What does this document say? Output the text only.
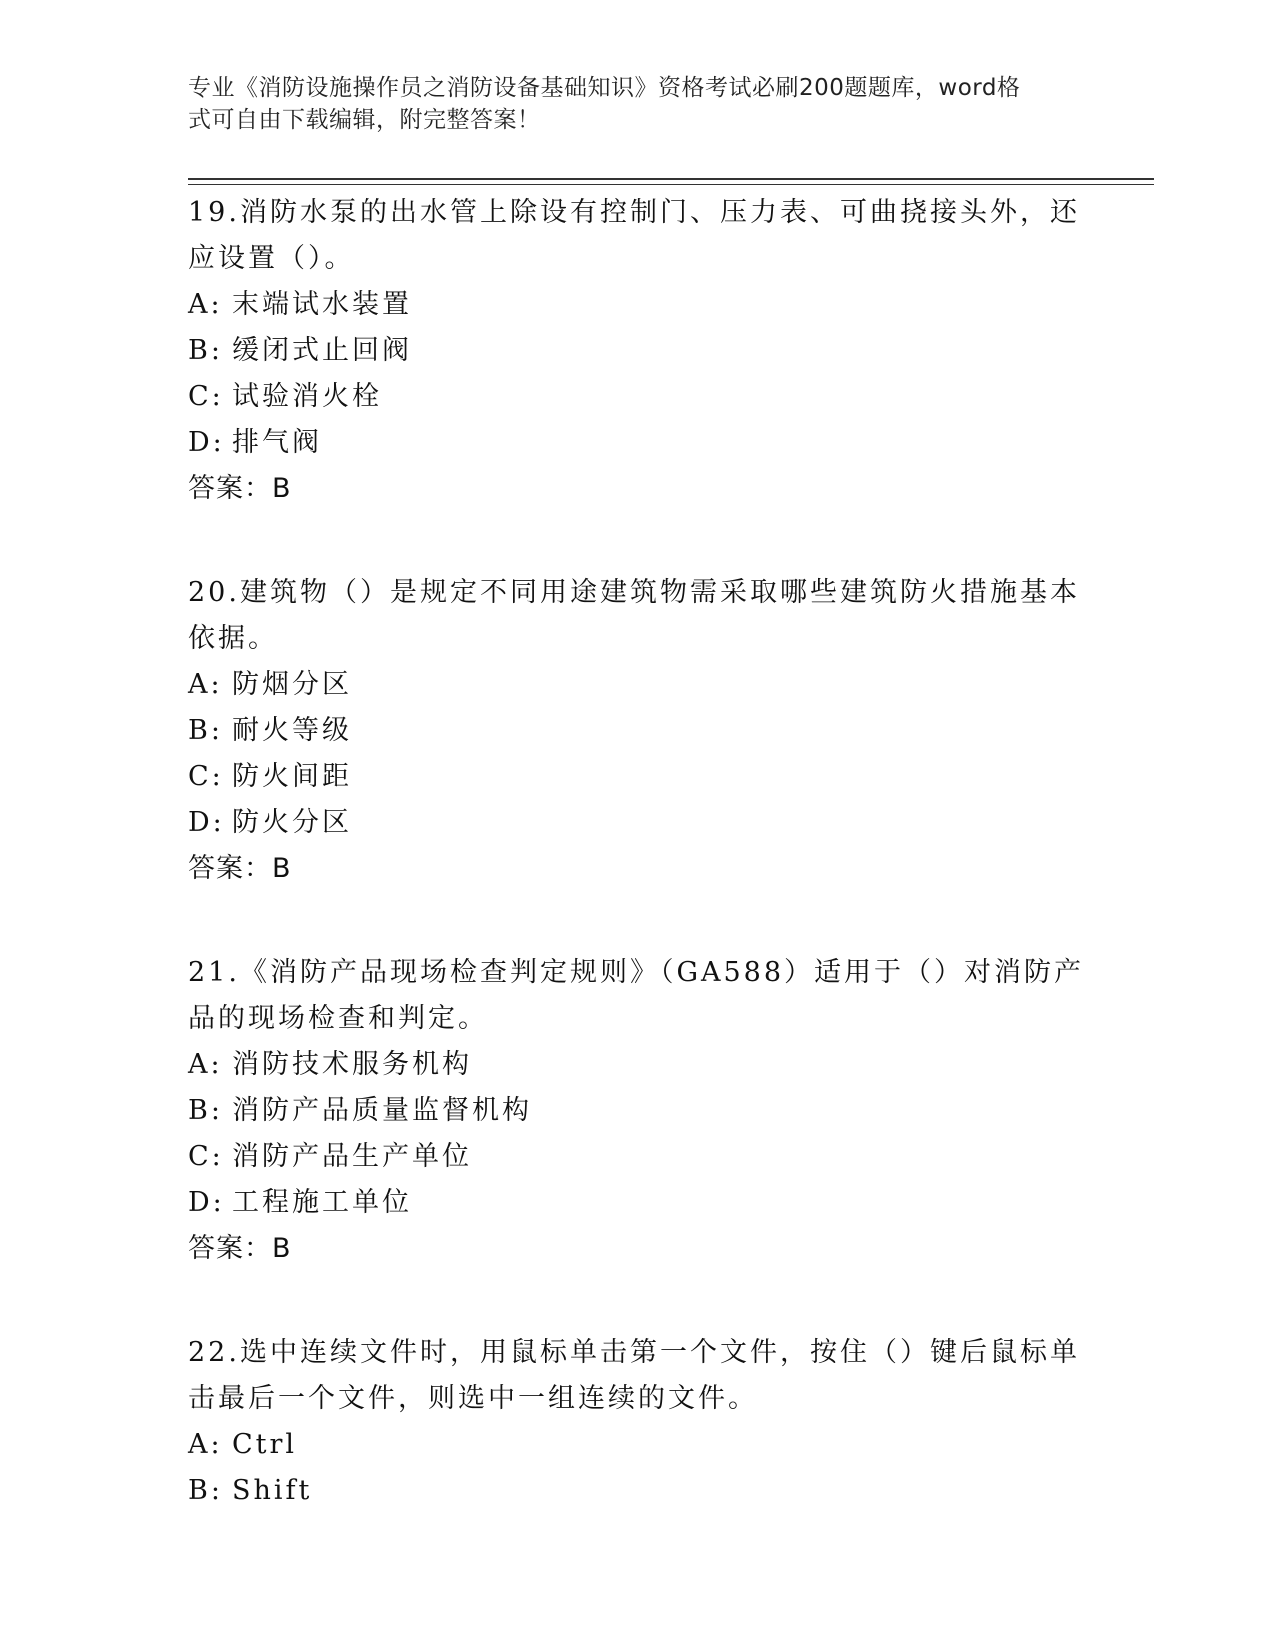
专业《消防设施操作员之消防设备基础知识》资格考试必刷200题题库，word格
式可自由下载编辑，附完整答案！
19.消防水泵的出水管上除设有控制门、压力表、可曲挠接头外，还应设置（）。
A: 末端试水装置
B: 缓闭式止回阀
C: 试验消火栓
D: 排气阀
答案：B
20.建筑物（）是规定不同用途建筑物需采取哪些建筑防火措施基本依据。
A: 防烟分区
B: 耐火等级
C: 防火间距
D: 防火分区
答案：B
21.《消防产品现场检查判定规则》（GA588）适用于（）对消防产品的现场检查和判定。
A: 消防技术服务机构
B: 消防产品质量监督机构
C: 消防产品生产单位
D: 工程施工单位
答案：B
22.选中连续文件时，用鼠标单击第一个文件，按住（）键后鼠标单击最后一个文件，则选中一组连续的文件。
A: Ctrl
B: Shift
